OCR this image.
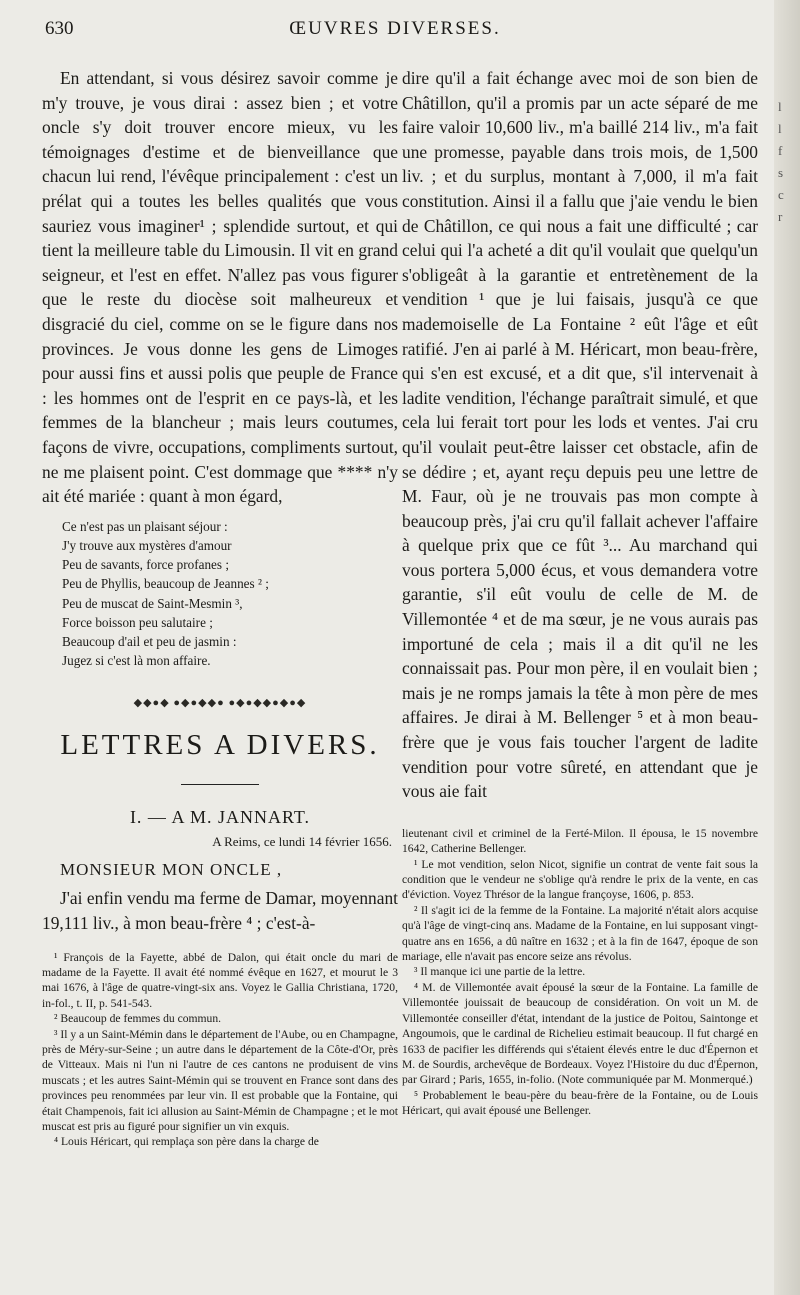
630	ŒUVRES DIVERSES.

En attendant, si vous désirez savoir comme je m'y trouve, je vous dirai : assez bien ; et votre oncle s'y doit trouver encore mieux, vu les témoignages d'estime et de bienveillance que chacun lui rend, l'évêque principalement : c'est un prélat qui a toutes les belles qualités que vous sauriez vous imaginer¹ ; splendide surtout, et qui tient la meilleure table du Limousin. Il vit en grand seigneur, et l'est en effet. N'allez pas vous figurer que le reste du diocèse soit malheureux et disgracié du ciel, comme on se le figure dans nos provinces. Je vous donne les gens de Limoges pour aussi fins et aussi polis que peuple de France : les hommes ont de l'esprit en ce pays-là, et les femmes de la blancheur ; mais leurs coutumes, façons de vivre, occupations, compliments surtout, ne me plaisent point. C'est dommage que **** n'y ait été mariée : quant à mon égard,

Ce n'est pas un plaisant séjour :
J'y trouve aux mystères d'amour
Peu de savants, force profanes ;
Peu de Phyllis, beaucoup de Jeannes ² ;
Peu de muscat de Saint-Mesmin ³,
Force boisson peu salutaire ;
Beaucoup d'ail et peu de jasmin :
Jugez si c'est là mon affaire.
◆◆●◆ ●◆●◆◆● ●◆●◆◆●◆●◆
LETTRES A DIVERS.
I. — A M. JANNART.
A Reims, ce lundi 14 février 1656.
MONSIEUR MON ONCLE ,

J'ai enfin vendu ma ferme de Damar, moyennant 19,111 liv., à mon beau-frère ⁴ ; c'est-à-

¹ François de la Fayette, abbé de Dalon, qui était oncle du mari de madame de la Fayette. Il avait été nommé évêque en 1627, et mourut le 3 mai 1676, à l'âge de quatre-vingt-six ans. Voyez le Gallia Christiana, 1720, in-fol., t. II, p. 541-543.

² Beaucoup de femmes du commun.

³ Il y a un Saint-Mémin dans le département de l'Aube, ou en Champagne, près de Méry-sur-Seine ; un autre dans le département de la Côte-d'Or, près de Vitteaux. Mais ni l'un ni l'autre de ces cantons ne produisent de vins muscats ; et les autres Saint-Mémin qui se trouvent en France sont dans des provinces peu renommées par leur vin. Il est probable que la Fontaine, qui était Champenois, fait ici allusion au Saint-Mémin de Champagne ; et le mot muscat est pris au figuré pour signifier un vin exquis.

⁴ Louis Héricart, qui remplaça son père dans la charge de

dire qu'il a fait échange avec moi de son bien de Châtillon, qu'il a promis par un acte séparé de me faire valoir 10,600 liv., m'a baillé 214 liv., m'a fait une promesse, payable dans trois mois, de 1,500 liv. ; et du surplus, montant à 7,000, il m'a fait constitution. Ainsi il a fallu que j'aie vendu le bien de Châtillon, ce qui nous a fait une difficulté ; car celui qui l'a acheté a dit qu'il voulait que quelqu'un s'obligeât à la garantie et entretènement de la vendition ¹ que je lui faisais, jusqu'à ce que mademoiselle de La Fontaine ² eût l'âge et eût ratifié. J'en ai parlé à M. Héricart, mon beau-frère, qui s'en est excusé, et a dit que, s'il intervenait à ladite vendition, l'échange paraîtrait simulé, et que cela lui ferait tort pour les lods et ventes. J'ai cru qu'il voulait peut-être laisser cet obstacle, afin de se dédire ; et, ayant reçu depuis peu une lettre de M. Faur, où je ne trouvais pas mon compte à beaucoup près, j'ai cru qu'il fallait achever l'affaire à quelque prix que ce fût ³... Au marchand qui vous portera 5,000 écus, et vous demandera votre garantie, s'il eût voulu de celle de M. de Villemontée ⁴ et de ma sœur, je ne vous aurais pas importuné de cela ; mais il a dit qu'il ne les connaissait pas. Pour mon père, il en voulait bien ; mais je ne romps jamais la tête à mon père de mes affaires. Je dirai à M. Bellenger ⁵ et à mon beau-frère que je vous fais toucher l'argent de ladite vendition pour votre sûreté, en attendant que je vous aie fait

lieutenant civil et criminel de la Ferté-Milon. Il épousa, le 15 novembre 1642, Catherine Bellenger.

¹ Le mot vendition, selon Nicot, signifie un contrat de vente fait sous la condition que le vendeur ne s'oblige qu'à rendre le prix de la vente, en cas d'éviction. Voyez Thrésor de la langue françoyse, 1606, p. 853.

² Il s'agit ici de la femme de la Fontaine. La majorité n'était alors acquise qu'à l'âge de vingt-cinq ans. Madame de la Fontaine, en lui supposant vingt-quatre ans en 1656, a dû naître en 1632 ; et à la fin de 1647, époque de son mariage, elle n'avait pas encore seize ans révolus.

³ Il manque ici une partie de la lettre.

⁴ M. de Villemontée avait épousé la sœur de la Fontaine. La famille de Villemontée jouissait de beaucoup de considération. On voit un M. de Villemontée conseiller d'état, intendant de la justice de Poitou, Saintonge et Angoumois, que le cardinal de Richelieu estimait beaucoup. Il fut chargé en 1633 de pacifier les différends qui s'étaient élevés entre le duc d'Épernon et M. de Sourdis, archevêque de Bordeaux. Voyez l'Histoire du duc d'Épernon, par Girard ; Paris, 1655, in-folio. (Note communiquée par M. Monmerqué.)

⁵ Probablement le beau-père du beau-frère de la Fontaine, ou de Louis Héricart, qui avait épousé une Bellenger.

l
l
f
s
c
r
